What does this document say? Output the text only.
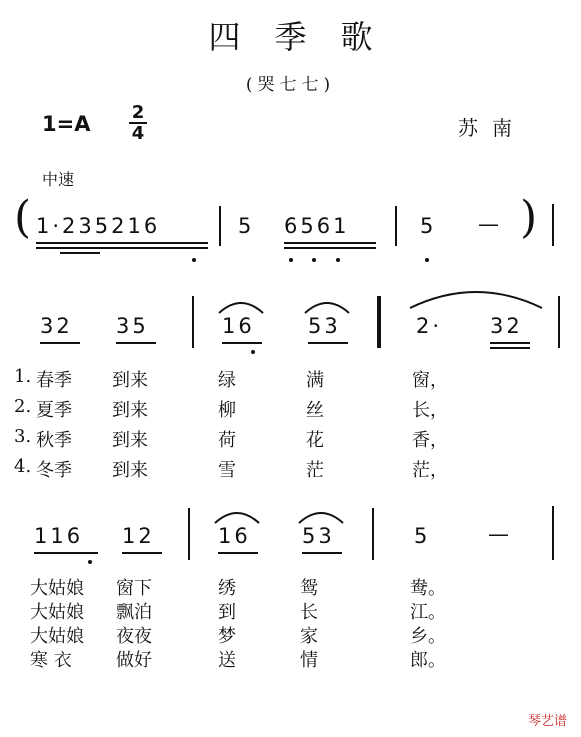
四季歌
(哭七七)
1=A 2
4	苏南
中速
( 1·235216	5 6561	5 — )
32 35	16	53	2· 32
1. 春季 到来	绿	满	窗，
2. 夏季 到来	柳	丝	长，
3. 秋季 到来	荷	花	香，
4. 冬季 到来	雪	茫	茫，
116 12	16 53	5	—
大姑娘 窗下	绣	鸳	鸯。
大姑娘 飘泊	到	长	江。
大姑娘 夜夜	梦	家	乡。
寒 衣 做好	送	情	郎。
琴艺谱
